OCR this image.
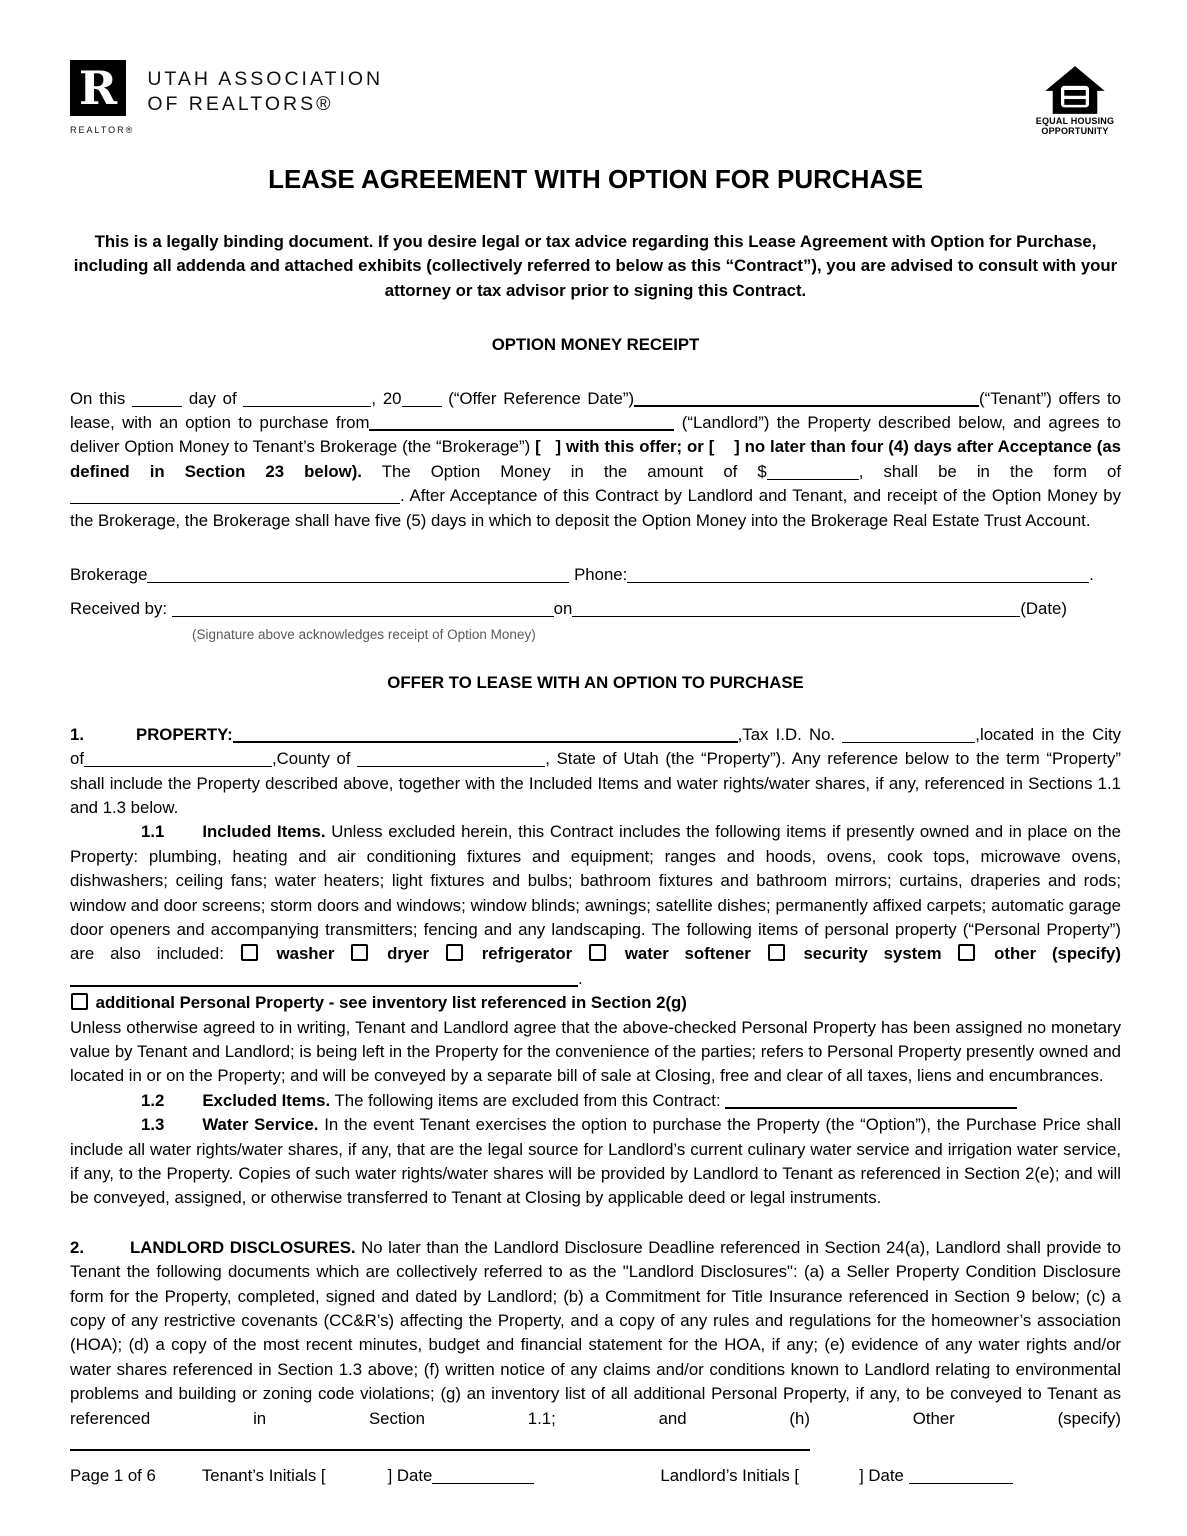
R
REALTOR®
UTAH ASSOCIATION
OF REALTORS®
EQUAL HOUSING
OPPORTUNITY
LEASE AGREEMENT WITH OPTION FOR PURCHASE

This is a legally binding document. If you desire legal or tax advice regarding this Lease Agreement with Option for Purchase, including all addenda and attached exhibits (collectively referred to below as this “Contract”), you are advised to consult with your attorney or tax advisor prior to signing this Contract.

OPTION MONEY RECEIPT

On this	day of	, 20 (“Offer Reference Date”)	(“Tenant”) offers to lease, with an option to purchase from	(“Landlord”) the Property described below, and agrees to deliver Option Money to Tenant’s Brokerage (the “Brokerage”) [   ] with this offer; or [    ] no later than four (4) days after Acceptance (as defined in Section 23 below). The Option Money in the amount of $	, shall be in the form of . After Acceptance of this Contract by Landlord and Tenant, and receipt of the Option Money by the Brokerage, the Brokerage shall have five (5) days in which to deposit the Option Money into the Brokerage Real Estate Trust Account.

Brokerage	Phone:	.

Received by:	on	(Date)

(Signature above acknowledges receipt of Option Money)

OFFER TO LEASE WITH AN OPTION TO PURCHASE

1.	PROPERTY:	,Tax I.D. No.	,located in the City of	,County of	, State of Utah (the “Property”). Any reference below to the term “Property” shall include the Property described above, together with the Included Items and water rights/water shares, if any, referenced in Sections 1.1 and 1.3 below.

1.1 Included Items. Unless excluded herein, this Contract includes the following items if presently owned and in place on the Property: plumbing, heating and air conditioning fixtures and equipment; ranges and hoods, ovens, cook tops, microwave ovens, dishwashers; ceiling fans; water heaters; light fixtures and bulbs; bathroom fixtures and bathroom mirrors; curtains, draperies and rods; window and door screens; storm doors and windows; window blinds; awnings; satellite dishes; permanently affixed carpets; automatic garage door openers and accompanying transmitters; fencing and any landscaping. The following items of personal property (“Personal Property”) are also included:  washer  dryer  refrigerator  water softener  security system  other (specify).

additional Personal Property - see inventory list referenced in Section 2(g)

Unless otherwise agreed to in writing, Tenant and Landlord agree that the above-checked Personal Property has been assigned no monetary value by Tenant and Landlord; is being left in the Property for the convenience of the parties; refers to Personal Property presently owned and located in or on the Property; and will be conveyed by a separate bill of sale at Closing, free and clear of all taxes, liens and encumbrances.

1.2 Excluded Items. The following items are excluded from this Contract:

1.3 Water Service. In the event Tenant exercises the option to purchase the Property (the “Option”), the Purchase Price shall include all water rights/water shares, if any, that are the legal source for Landlord’s current culinary water service and irrigation water service, if any, to the Property. Copies of such water rights/water shares will be provided by Landlord to Tenant as referenced in Section 2(e); and will be conveyed, assigned, or otherwise transferred to Tenant at Closing by applicable deed or legal instruments.

2.	LANDLORD DISCLOSURES. No later than the Landlord Disclosure Deadline referenced in Section 24(a), Landlord shall provide to Tenant the following documents which are collectively referred to as the "Landlord Disclosures": (a) a Seller Property Condition Disclosure form for the Property, completed, signed and dated by Landlord; (b) a Commitment for Title Insurance referenced in Section 9 below; (c) a copy of any restrictive covenants (CC&R’s) affecting the Property, and a copy of any rules and regulations for the homeowner’s association (HOA); (d) a copy of the most recent minutes, budget and financial statement for the HOA, if any; (e) evidence of any water rights and/or water shares referenced in Section 1.3 above; (f) written notice of any claims and/or conditions known to Landlord relating to environmental problems and building or zoning code violations; (g) an inventory list of all additional Personal Property, if any, to be conveyed to Tenant as referenced in Section 1.1; and (h) Other (specify)

Page 1 of 6	Tenant’s Initials [	] Date	Landlord’s Initials [	] Date
